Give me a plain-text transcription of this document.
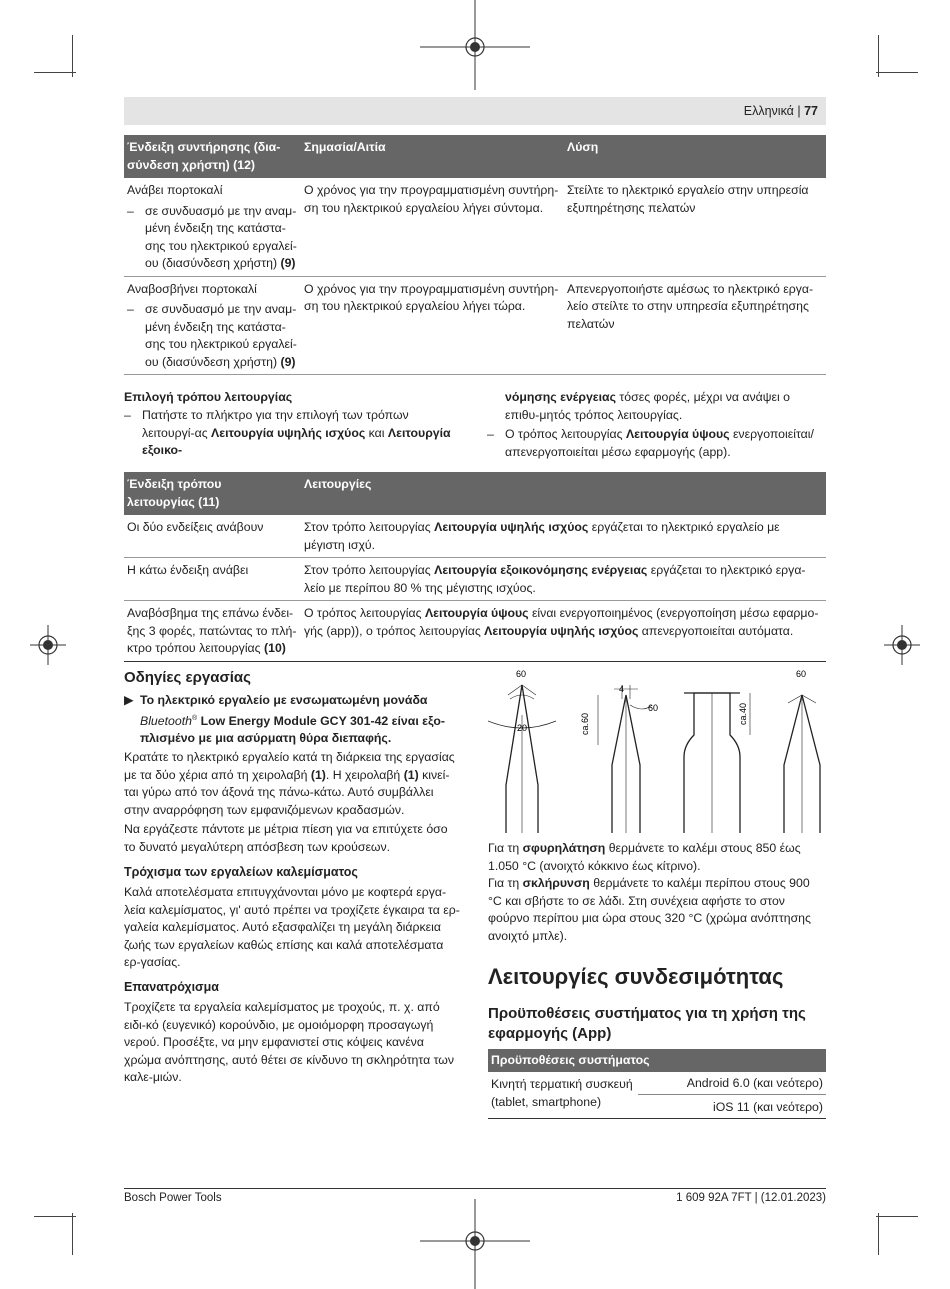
Ελληνικά | 77
Ένδειξη συντήρησης (δια-
σύνδεση χρήστη) (12)	Σημασία/Αιτία	Λύση

Ανάβει πορτοκαλί
– σε συνδυασμό με την αναμ-μένη ένδειξη της κατάστα-σης του ηλεκτρικού εργαλεί-ου (διασύνδεση χρήστη) (9)	Ο χρόνος για την προγραμματισμένη συντήρη-ση του ηλεκτρικού εργαλείου λήγει σύντομα.	Στείλτε το ηλεκτρικό εργαλείο στην υπηρεσία εξυπηρέτησης πελατών

Αναβοσβήνει πορτοκαλί
– σε συνδυασμό με την αναμ-μένη ένδειξη της κατάστα-σης του ηλεκτρικού εργαλεί-ου (διασύνδεση χρήστη) (9)	Ο χρόνος για την προγραμματισμένη συντήρη-ση του ηλεκτρικού εργαλείου λήγει τώρα.	Απενεργοποιήστε αμέσως το ηλεκτρικό εργα-λείο στείλτε το στην υπηρεσία εξυπηρέτησης πελατών
Επιλογή τρόπου λειτουργίας
– Πατήστε το πλήκτρο για την επιλογή των τρόπων λειτουργί-ας Λειτουργία υψηλής ισχύος και Λειτουργία εξοικο-
νόμησης ενέργειας τόσες φορές, μέχρι να ανάψει ο επιθυ-μητός τρόπος λειτουργίας.
– Ο τρόπος λειτουργίας Λειτουργία ύψους ενεργοποιείται/ απενεργοποιείται μέσω εφαρμογής (app).
Ένδειξη τρόπου
λειτουργίας (11)	Λειτουργίες
Οι δύο ενδείξεις ανάβουν	Στον τρόπο λειτουργίας Λειτουργία υψηλής ισχύος εργάζεται το ηλεκτρικό εργαλείο με μέγιστη ισχύ.
Η κάτω ένδειξη ανάβει	Στον τρόπο λειτουργίας Λειτουργία εξοικονόμησης ενέργειας εργάζεται το ηλεκτρικό εργα-λείο με περίπου 80 % της μέγιστης ισχύος.
Αναβόσβημα της επάνω ένδει-ξης 3 φορές, πατώντας το πλή-κτρο τρόπου λειτουργίας (10)	Ο τρόπος λειτουργίας Λειτουργία ύψους είναι ενεργοποιημένος (ενεργοποίηση μέσω εφαρμο-γής (app)), ο τρόπος λειτουργίας Λειτουργία υψηλής ισχύος απενεργοποιείται αυτόματα.
Οδηγίες εργασίας
▶ Το ηλεκτρικό εργαλείο με ενσωματωμένη μονάδα Bluetooth® Low Energy Module GCY 301-42 είναι εξο-πλισμένο με μια ασύρματη θύρα διεπαφής.
Κρατάτε το ηλεκτρικό εργαλείο κατά τη διάρκεια της εργασίας με τα δύο χέρια από τη χειρολαβή (1). Η χειρολαβή (1) κινεί-ται γύρω από τον άξονά της πάνω-κάτω. Αυτό συμβάλλει στην αναρρόφηση των εμφανιζόμενων κραδασμών.
Να εργάζεστε πάντοτε με μέτρια πίεση για να επιτύχετε όσο το δυνατό μεγαλύτερη απόσβεση των κρούσεων.
Τρόχισμα των εργαλείων καλεμίσματος
Καλά αποτελέσματα επιτυγχάνονται μόνο με κοφτερά εργα-λεία καλεμίσματος, γι' αυτό πρέπει να τροχίζετε έγκαιρα τα ερ-γαλεία καλεμίσματος. Αυτό εξασφαλίζει τη μεγάλη διάρκεια ζωής των εργαλείων καθώς επίσης και καλά αποτελέσματα ερ-γασίας.
Επανατρόχισμα
Τροχίζετε τα εργαλεία καλεμίσματος με τροχούς, π. χ. από ειδι-κό (ευγενικό) κορούνδιο, με ομοιόμορφη προσαγωγή νερού. Προσέξτε, να μην εμφανιστεί στις κόψεις κανένα χρώμα ανόπτησης, αυτό θέτει σε κίνδυνο τη σκληρότητα των καλε-μιών.
60
20
4
ca.60
60	ca.40
60
Για τη σφυρηλάτηση θερμάνετε το καλέμι στους 850 έως 1.050 °C (ανοιχτό κόκκινο έως κίτρινο).
Για τη σκλήρυνση θερμάνετε το καλέμι περίπου στους 900 °C και σβήστε το σε λάδι. Στη συνέχεια αφήστε το στον φούρνο περίπου μια ώρα στους 320 °C (χρώμα ανόπτησης ανοιχτό μπλε).
Λειτουργίες συνδεσιμότητας
Προϋποθέσεις συστήματος για τη χρήση της
εφαρμογής (App)
Προϋποθέσεις συστήματος
Κινητή τερματική συσκευή (tablet, smartphone)
Android 6.0 (και νεότερο)
iOS 11 (και νεότερο)
Bosch Power Tools	1 609 92A 7FT | (12.01.2023)
